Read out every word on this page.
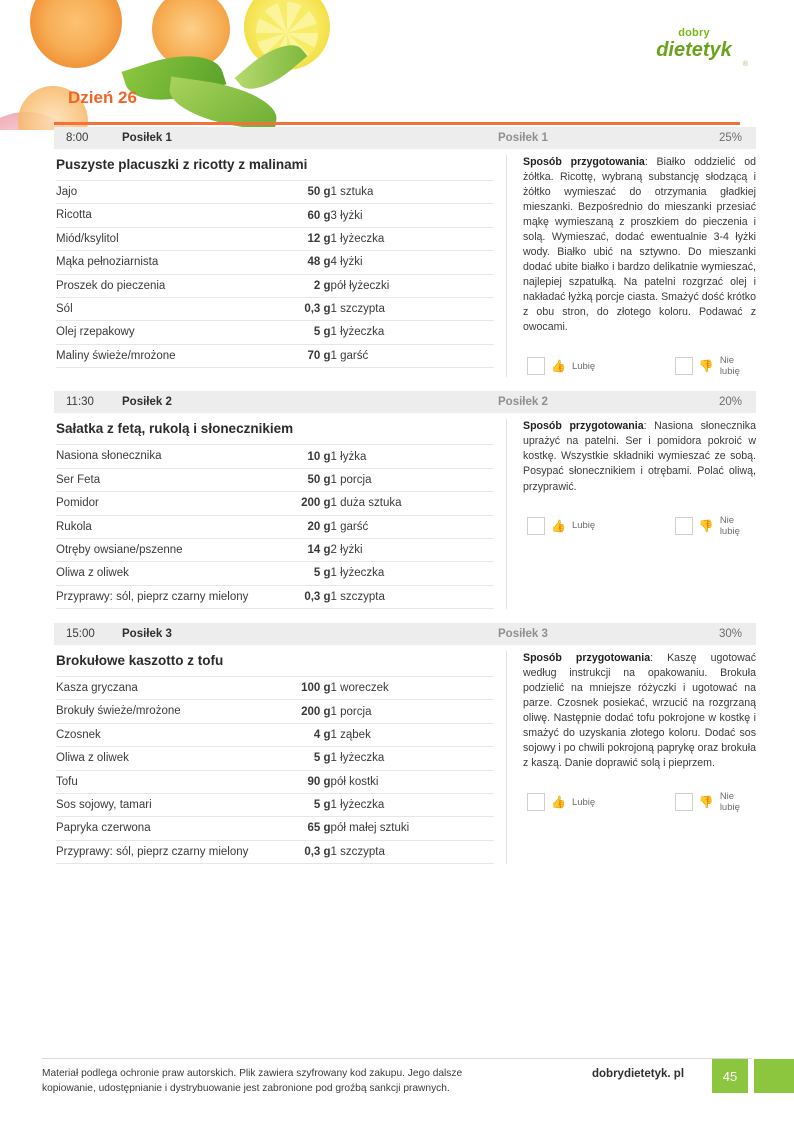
dobry
dietetyk
®
Dzień 26
8:00	Posiłek 1	Posiłek 1	25%
Puszyste placuszki z ricotty z malinami
Jajo	50 g	1 sztuka
Ricotta	60 g	3 łyżki
Miód/ksylitol	12 g	1 łyżeczka
Mąka pełnoziarnista	48 g	4 łyżki
Proszek do pieczenia	2 g	pół łyżeczki
Sól	0,3 g	1 szczypta
Olej rzepakowy	5 g	1 łyżeczka
Maliny świeże/mrożone	70 g	1 garść
Sposób przygotowania: Białko oddzielić od żółtka. Ricottę, wybraną substancję słodzącą i żółtko wymieszać do otrzymania gładkiej mieszanki. Bezpośrednio do mieszanki przesiać mąkę wymieszaną z proszkiem do pieczenia i solą. Wymieszać, dodać ewentualnie 3-4 łyżki wody. Białko ubić na sztywno. Do mieszanki dodać ubite białko i bardzo delikatnie wymieszać, najlepiej szpatułką. Na patelni rozgrzać olej i nakładać łyżką porcje ciasta. Smażyć dość krótko z obu stron, do złotego koloru. Podawać z owocami.
👍 Lubię	👎 Nie lubię
11:30 Posiłek 2	Posiłek 2	20%
Sałatka z fetą, rukolą i słonecznikiem
Nasiona słonecznika	10 g	1 łyżka
Ser Feta	50 g	1 porcja
Pomidor	200 g	1 duża sztuka
Rukola	20 g	1 garść
Otręby owsiane/pszenne	14 g	2 łyżki
Oliwa z oliwek	5 g	1 łyżeczka
Przyprawy: sól, pieprz czarny mielony	0,3 g	1 szczypta
Sposób przygotowania: Nasiona słonecznika uprażyć na patelni. Ser i pomidora pokroić w kostkę. Wszystkie składniki wymieszać ze sobą. Posypać słonecznikiem i otrębami. Polać oliwą, przyprawić.
👍 Lubię	👎 Nie lubię
15:00 Posiłek 3	Posiłek 3	30%
Brokułowe kaszotto z tofu
Kasza gryczana	100 g	1 woreczek
Brokuły świeże/mrożone	200 g	1 porcja
Czosnek	4 g	1 ząbek
Oliwa z oliwek	5 g	1 łyżeczka
Tofu	90 g	pół kostki
Sos sojowy, tamari	5 g	1 łyżeczka
Papryka czerwona	65 g	pół małej sztuki
Przyprawy: sól, pieprz czarny mielony	0,3 g	1 szczypta
Sposób przygotowania: Kaszę ugotować według instrukcji na opakowaniu. Brokuła podzielić na mniejsze różyczki i ugotować na parze. Czosnek posiekać, wrzucić na rozgrzaną oliwę. Następnie dodać tofu pokrojone w kostkę i smażyć do uzyskania złotego koloru. Dodać sos sojowy i po chwili pokrojoną paprykę oraz brokuła z kaszą. Danie doprawić solą i pieprzem.
👍 Lubię	👎 Nie lubię
Materiał podlega ochronie praw autorskich. Plik zawiera szyfrowany kod zakupu. Jego dalsze
kopiowanie, udostępnianie i dystrybuowanie jest zabronione pod groźbą sankcji prawnych.
dobrydietetyk. pl	45
